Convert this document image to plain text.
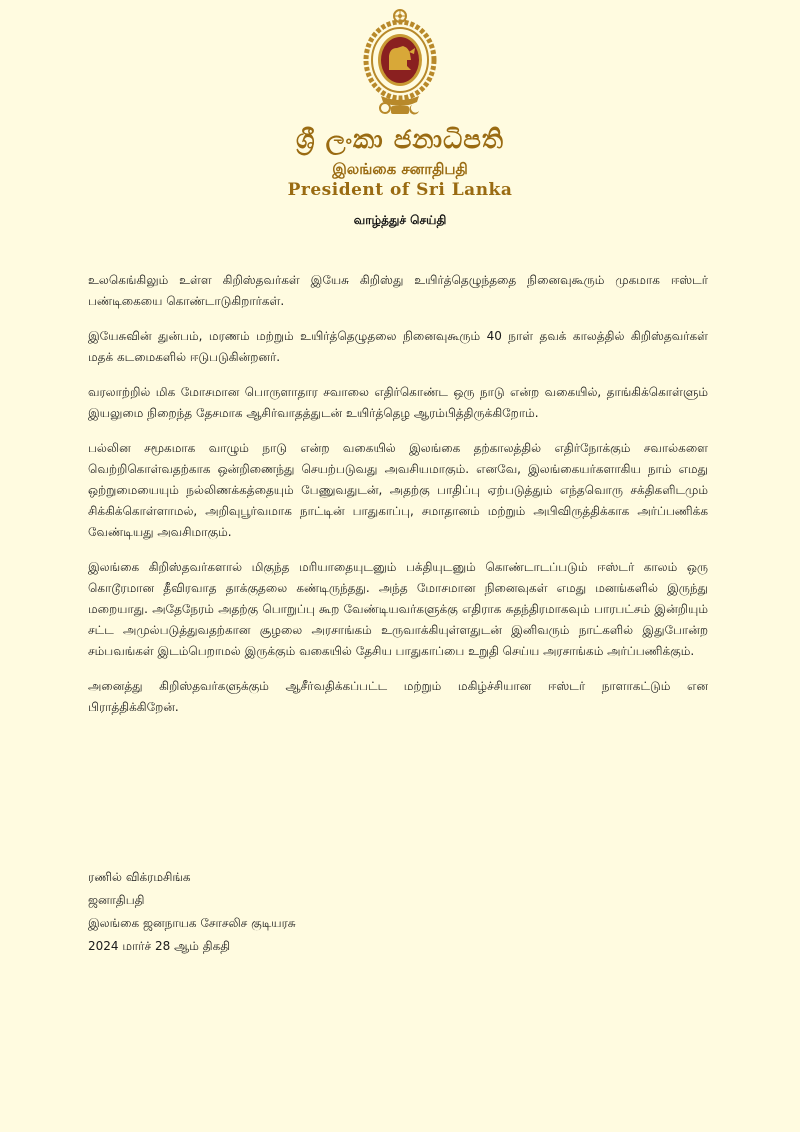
ශ්‍රී ලංකා ජනාධිපති
இலங்கை சனாதிபதி
President of Sri Lanka
வாழ்த்துச் செய்தி

உலகெங்கிலும் உள்ள கிறிஸ்தவர்கள் இயேசு கிறிஸ்து உயிர்த்தெழுந்ததை நினைவுகூரும் முகமாக ஈஸ்டர் பண்டிகையை கொண்டாடுகிறார்கள்.

இயேசுவின் துன்பம், மரணம் மற்றும் உயிர்த்தெழுதலை நினைவுகூரும் 40 நாள் தவக் காலத்தில் கிறிஸ்தவர்கள் மதக் கடமைகளில் ஈடுபடுகின்றனர்.

வரலாற்றில் மிக மோசமான பொருளாதார சவாலை எதிர்கொண்ட ஒரு நாடு என்ற வகையில், தாங்கிக்கொள்ளும் இயலுமை நிறைந்த தேசமாக ஆசிர்வாதத்துடன் உயிர்த்தெழ ஆரம்பித்திருக்கிறோம்.

பல்லின சமூகமாக வாழும் நாடு என்ற வகையில் இலங்கை தற்காலத்தில் எதிர்நோக்கும் சவால்களை வெற்றிகொள்வதற்காக ஒன்றிணைந்து செயற்படுவது அவசியமாகும். எனவே, இலங்கையர்களாகிய நாம் எமது ஒற்றுமையையும் நல்லிணக்கத்தையும் பேணுவதுடன், அதற்கு பாதிப்பு ஏற்படுத்தும் எந்தவொரு சக்திகளிடமும் சிக்கிக்கொள்ளாமல், அறிவுபூர்வமாக நாட்டின் பாதுகாப்பு, சமாதானம் மற்றும் அபிவிருத்திக்காக அர்ப்பணிக்க வேண்டியது அவசிமாகும்.

இலங்கை கிறிஸ்தவர்களால் மிகுந்த மரியாதையுடனும் பக்தியுடனும் கொண்டாடப்படும் ஈஸ்டர் காலம் ஒரு கொடூரமான தீவிரவாத தாக்குதலை கண்டிருந்தது. அந்த மோசமான நினைவுகள் எமது மனங்களில் இருந்து மறையாது. அதேநேரம் அதற்கு பொறுப்பு கூற வேண்டியவர்களுக்கு எதிராக சுதந்திரமாகவும் பாரபட்சம் இன்றியும் சட்ட அமுல்படுத்துவதற்கான சூழலை அரசாங்கம் உருவாக்கியுள்ளதுடன் இனிவரும் நாட்களில் இதுபோன்ற சம்பவங்கள் இடம்பெறாமல் இருக்கும் வகையில் தேசிய பாதுகாப்பை உறுதி செய்ய அரசாங்கம் அர்ப்பணிக்கும்.

அனைத்து கிறிஸ்தவர்களுக்கும் ஆசீர்வதிக்கப்பட்ட மற்றும் மகிழ்ச்சியான ஈஸ்டர் நாளாகட்டும் என பிராத்திக்கிறேன்.

ரணில் விக்ரமசிங்க
ஜனாதிபதி
இலங்கை ஜனநாயக சோசலிச குடியரசு
2024 மார்ச் 28 ஆம் திகதி
